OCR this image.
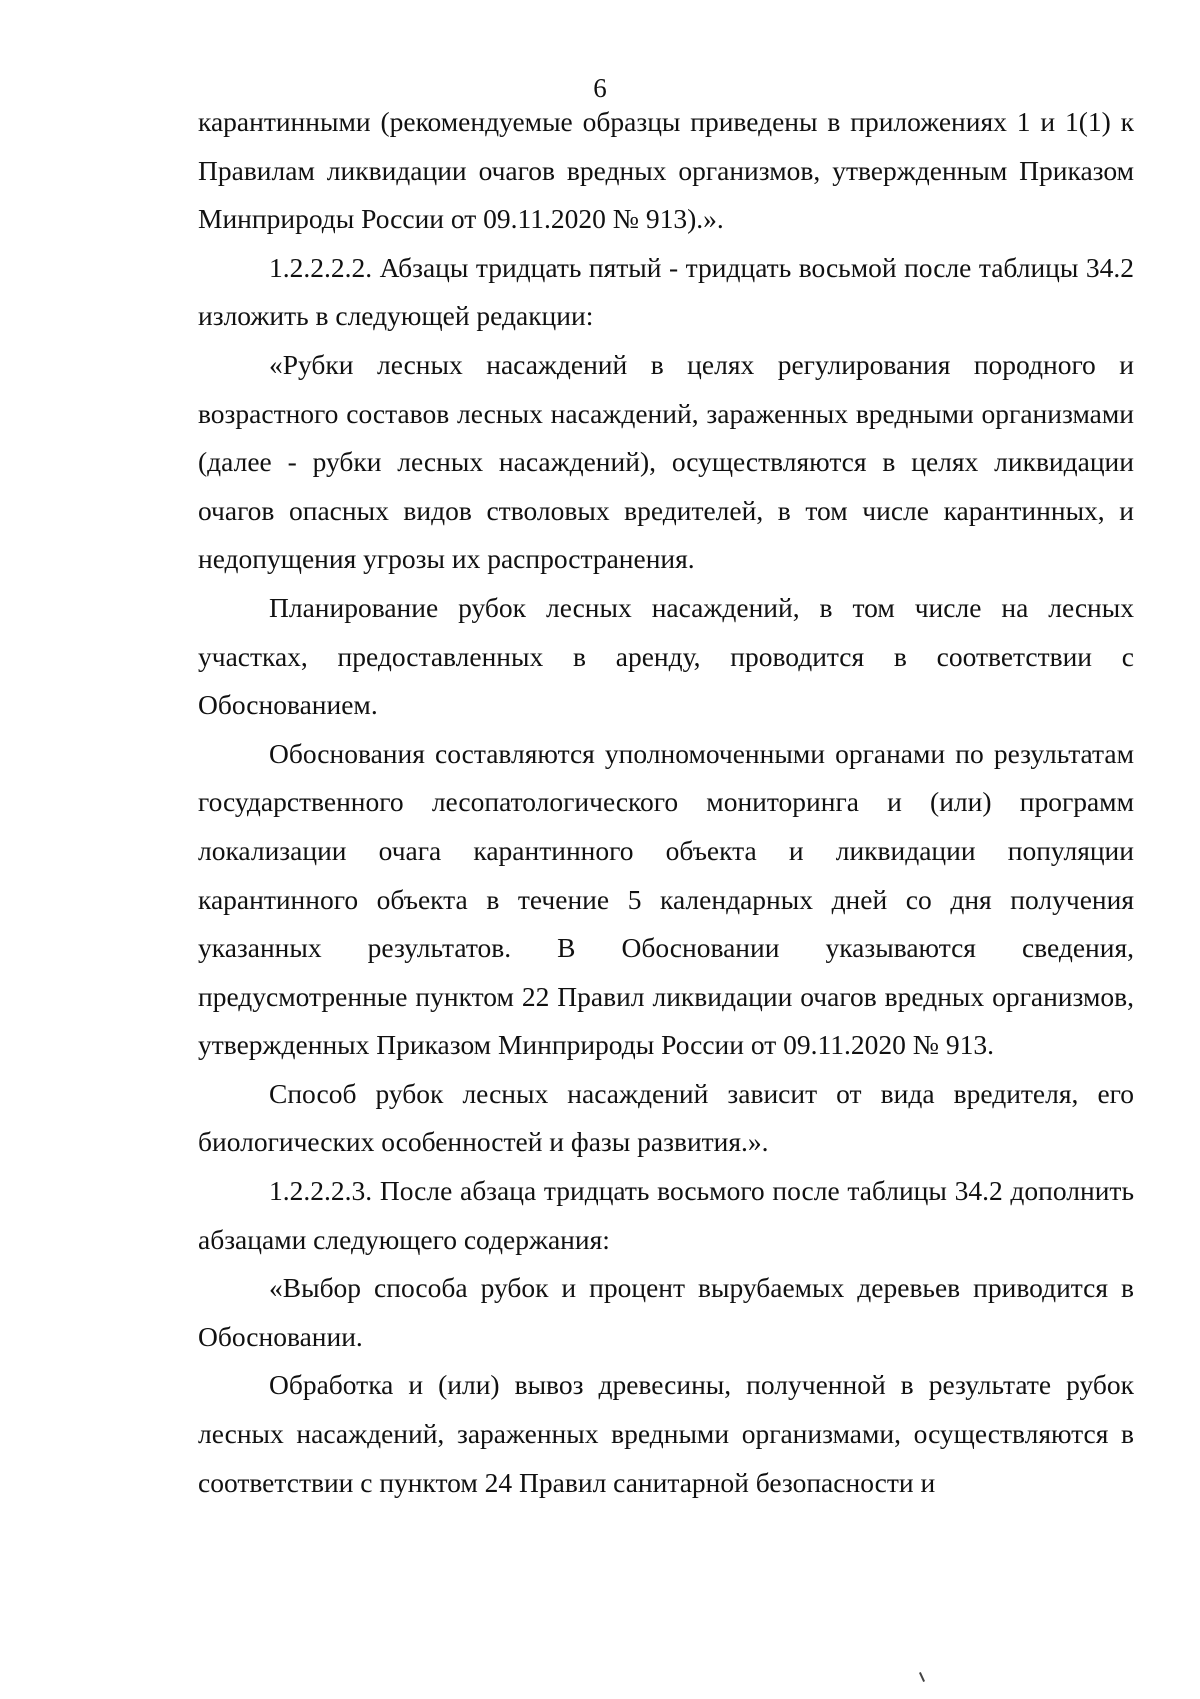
6

карантинными (рекомендуемые образцы приведены в приложениях 1 и 1(1) к Правилам ликвидации очагов вредных организмов, утвержденным Приказом Минприроды России от 09.11.2020 № 913).».

1.2.2.2.2. Абзацы тридцать пятый - тридцать восьмой после таблицы 34.2 изложить в следующей редакции:

«Рубки лесных насаждений в целях регулирования породного и возрастного составов лесных насаждений, зараженных вредными организмами (далее - рубки лесных насаждений), осуществляются в целях ликвидации очагов опасных видов стволовых вредителей, в том числе карантинных, и недопущения угрозы их распространения.

Планирование рубок лесных насаждений, в том числе на лесных участках, предоставленных в аренду, проводится в соответствии с Обоснованием.

Обоснования составляются уполномоченными органами по результатам государственного лесопатологического мониторинга и (или) программ локализации очага карантинного объекта и ликвидации популяции карантинного объекта в течение 5 календарных дней со дня получения указанных результатов. В Обосновании указываются сведения, предусмотренные пунктом 22 Правил ликвидации очагов вредных организмов, утвержденных Приказом Минприроды России от 09.11.2020 № 913.

Способ рубок лесных насаждений зависит от вида вредителя, его биологических особенностей и фазы развития.».

1.2.2.2.3. После абзаца тридцать восьмого после таблицы 34.2 дополнить абзацами следующего содержания:

«Выбор способа рубок и процент вырубаемых деревьев приводится в Обосновании.

Обработка и (или) вывоз древесины, полученной в результате рубок лесных насаждений, зараженных вредными организмами, осуществляются в соответствии с пунктом 24 Правил санитарной безопасности и
